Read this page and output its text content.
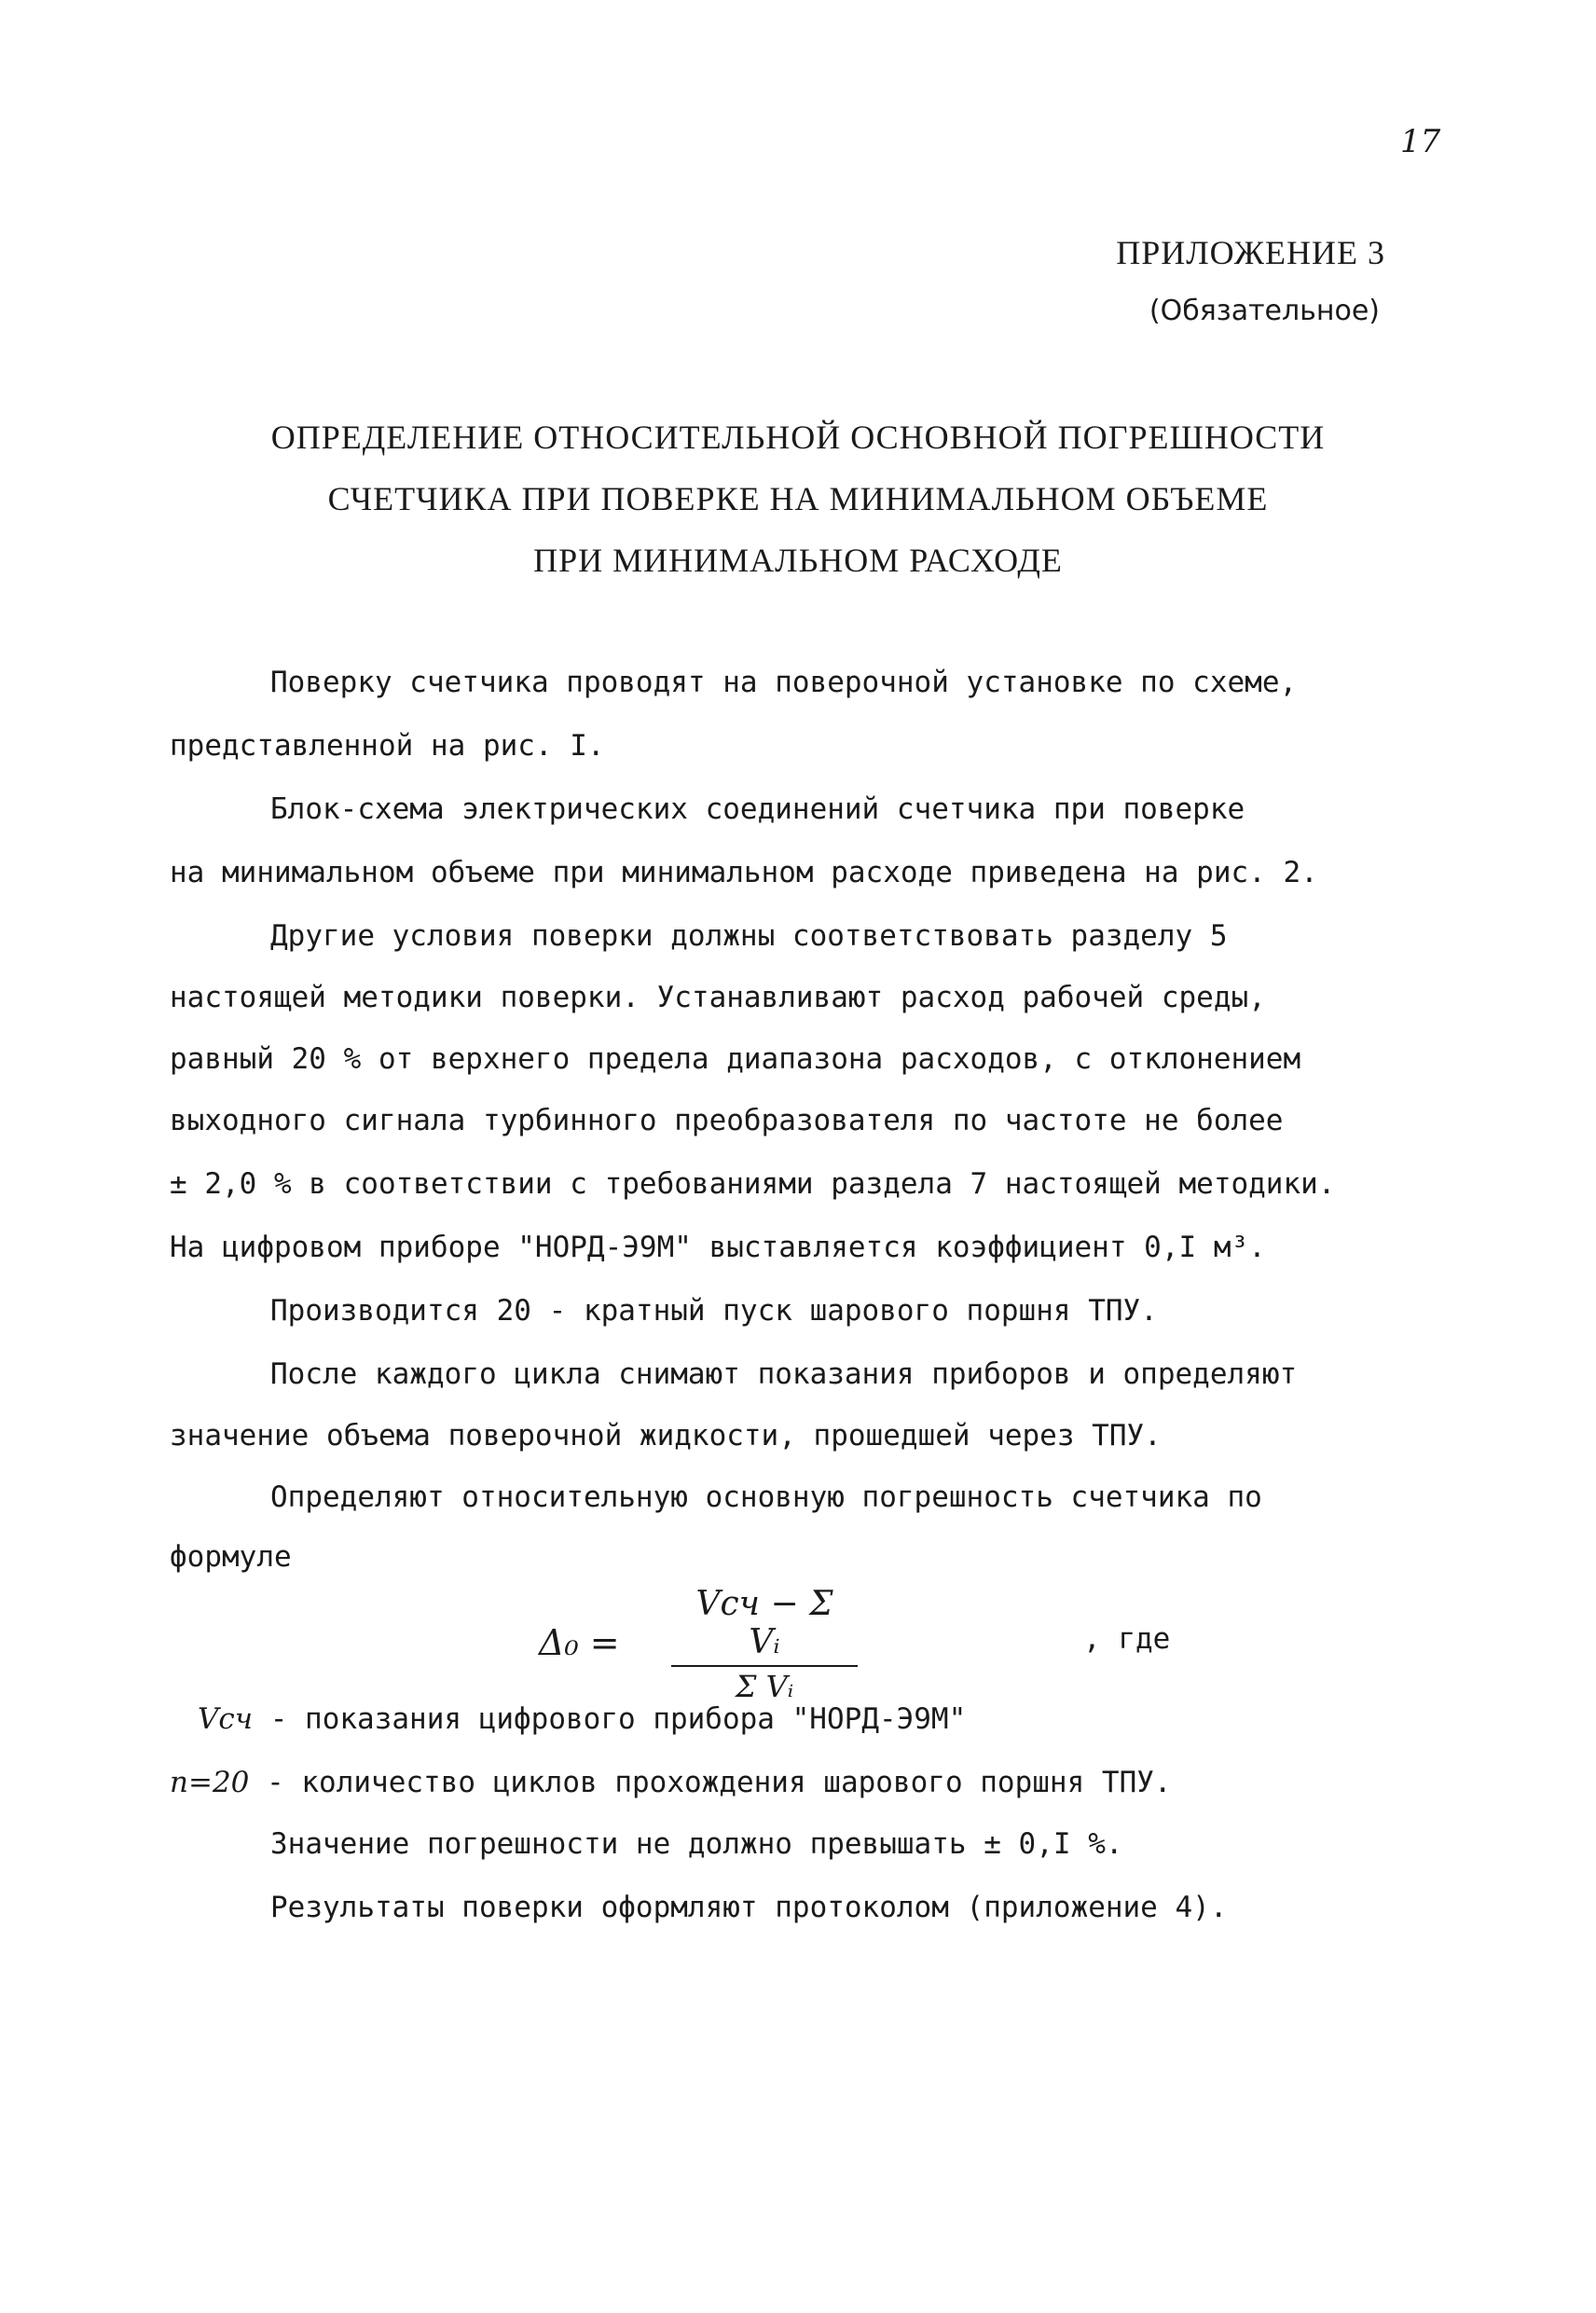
17
ПРИЛОЖЕНИЕ 3
(Обязательное)
ОПРЕДЕЛЕНИЕ ОТНОСИТЕЛЬНОЙ ОСНОВНОЙ ПОГРЕШНОСТИ
СЧЕТЧИКА ПРИ ПОВЕРКЕ НА МИНИМАЛЬНОМ ОБЪЕМЕ
ПРИ МИНИМАЛЬНОМ РАСХОДЕ
Поверку счетчика проводят на поверочной установке по схеме,
представленной на рис. I.
Блок-схема электрических соединений счетчика при поверке
на минимальном объеме при минимальном расходе приведена на рис. 2.
Другие условия поверки должны соответствовать разделу 5
настоящей методики поверки. Устанавливают расход рабочей среды,
равный 20 % от верхнего предела диапазона расходов, с отклонением
выходного сигнала турбинного преобразователя по частоте не более
± 2,0 % в соответствии с требованиями раздела 7 настоящей методики.
На цифровом приборе "НОРД-Э9М" выставляется коэффициент 0,I м³.
Производится 20 - кратный пуск шарового поршня ТПУ.
После каждого цикла снимают показания приборов и определяют
значение объема поверочной жидкости, прошедшей через ТПУ.
Определяют относительную основную погрешность счетчика по
формуле
Δ₀ =
Vсч − Σ Vᵢ
Σ Vᵢ
, где
Vсч - показания цифрового прибора "НОРД-Э9М"
n=20 - количество циклов прохождения шарового поршня ТПУ.
Значение погрешности не должно превышать ± 0,I %.
Результаты поверки оформляют протоколом (приложение 4).
